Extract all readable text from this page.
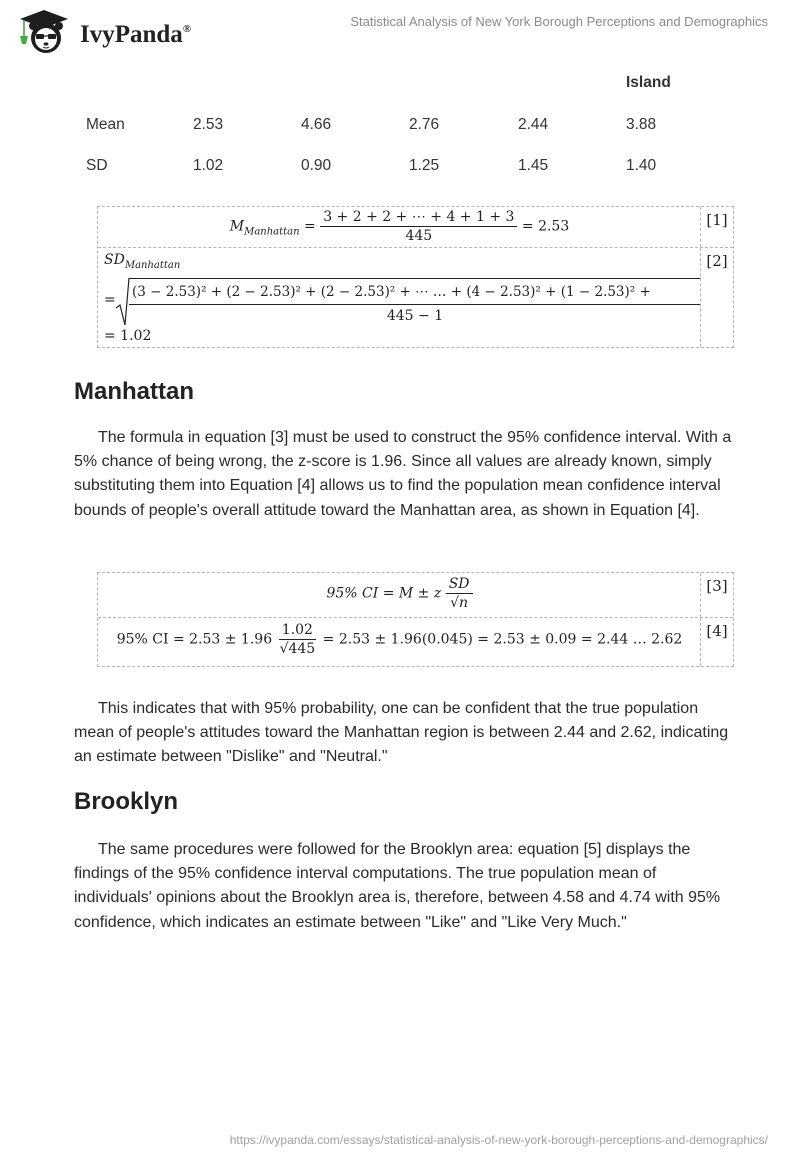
IvyPanda®	Statistical Analysis of New York Borough Perceptions and Demographics
Island
Mean	2.53	4.66	2.76	2.44	3.88
SD	1.02	0.90	1.25	1.45	1.40
$M_{Manhattan} = \frac{3 + 2 + 2 + \cdots + 4 + 1 + 3}{445} = 2.53$	[1]
$SD_{Manhattan}$
= (3 − 2.53)² + (2 − 2.53)² + (2 − 2.53)² + ⋯ … + (4 − 2.53)² + (1 − 2.53)² +
445 − 1
= 1.02
[2]
Manhattan
The formula in equation [3] must be used to construct the 95% confidence interval. With a 5% chance of being wrong, the z-score is 1.96. Since all values are already known, simply substituting them into Equation [4] allows us to find the population mean confidence interval bounds of people's overall attitude toward the Manhattan area, as shown in Equation [4].
95% CI = M ± z $\frac{SD}{√n}$	[3]
95% CI = $2.53 \pm 1.96 \frac{1.02}{√445} = 2.53 \pm 1.96(0.045) = 2.53 \pm 0.09 = 2.44$ … 2.62	[4]
This indicates that with 95% probability, one can be confident that the true population mean of people's attitudes toward the Manhattan region is between 2.44 and 2.62, indicating an estimate between "Dislike" and "Neutral."
Brooklyn
The same procedures were followed for the Brooklyn area: equation [5] displays the findings of the 95% confidence interval computations. The true population mean of individuals' opinions about the Brooklyn area is, therefore, between 4.58 and 4.74 with 95% confidence, which indicates an estimate between "Like" and "Like Very Much."
https://ivypanda.com/essays/statistical-analysis-of-new-york-borough-perceptions-and-demographics/
